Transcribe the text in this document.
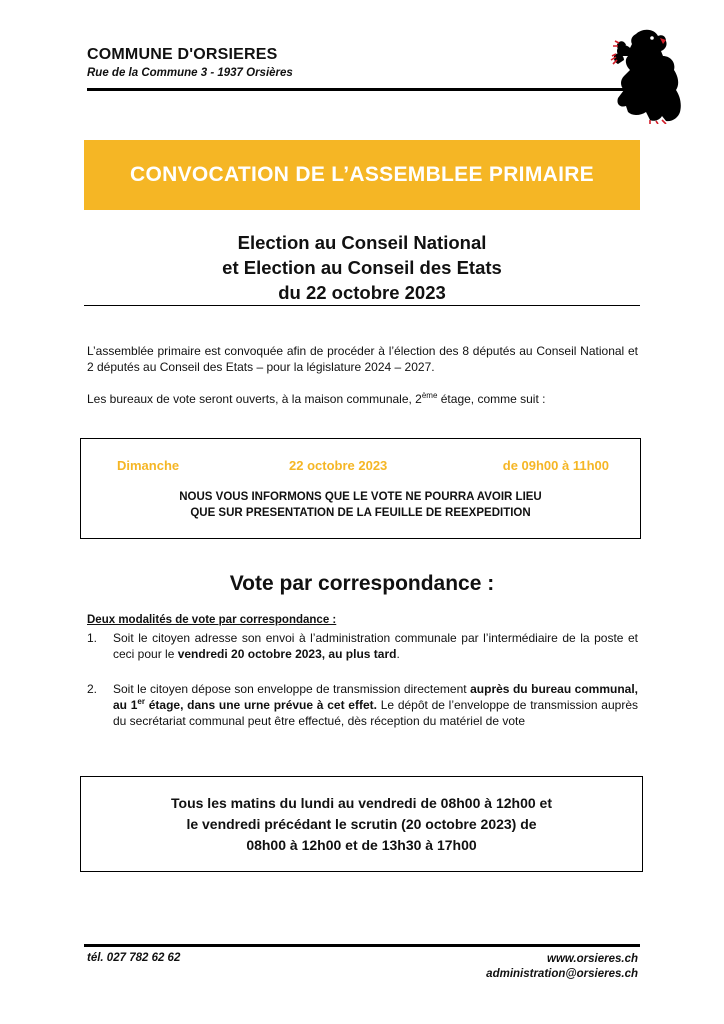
COMMUNE D'ORSIERES
Rue de la Commune 3 - 1937 Orsières
CONVOCATION DE L’ASSEMBLEE PRIMAIRE
Election au Conseil National
et Election au Conseil des Etats
du 22 octobre 2023
L’assemblée primaire est convoquée afin de procéder à l’élection des 8 députés au Conseil National et 2 députés au Conseil des Etats – pour la législature 2024 – 2027.
Les bureaux de vote seront ouverts, à la maison communale, 2ème étage, comme suit :
Dimanche	22 octobre 2023	de 09h00 à 11h00
NOUS VOUS INFORMONS QUE LE VOTE NE POURRA AVOIR LIEU
QUE SUR PRESENTATION DE LA FEUILLE DE REEXPEDITION
Vote par correspondance :
Deux modalités de vote par correspondance :
1. Soit le citoyen adresse son envoi à l’administration communale par l’intermédiaire de la poste et ceci pour le vendredi 20 octobre 2023, au plus tard.
2. Soit le citoyen dépose son enveloppe de transmission directement auprès du bureau communal, au 1er étage, dans une urne prévue à cet effet. Le dépôt de l’enveloppe de transmission auprès du secrétariat communal peut être effectué, dès réception du matériel de vote
Tous les matins du lundi au vendredi de 08h00 à 12h00 et
le vendredi précédant le scrutin (20 octobre 2023) de
08h00 à 12h00 et de 13h30 à 17h00
tél. 027 782 62 62	www.orsieres.ch
administration@orsieres.ch
